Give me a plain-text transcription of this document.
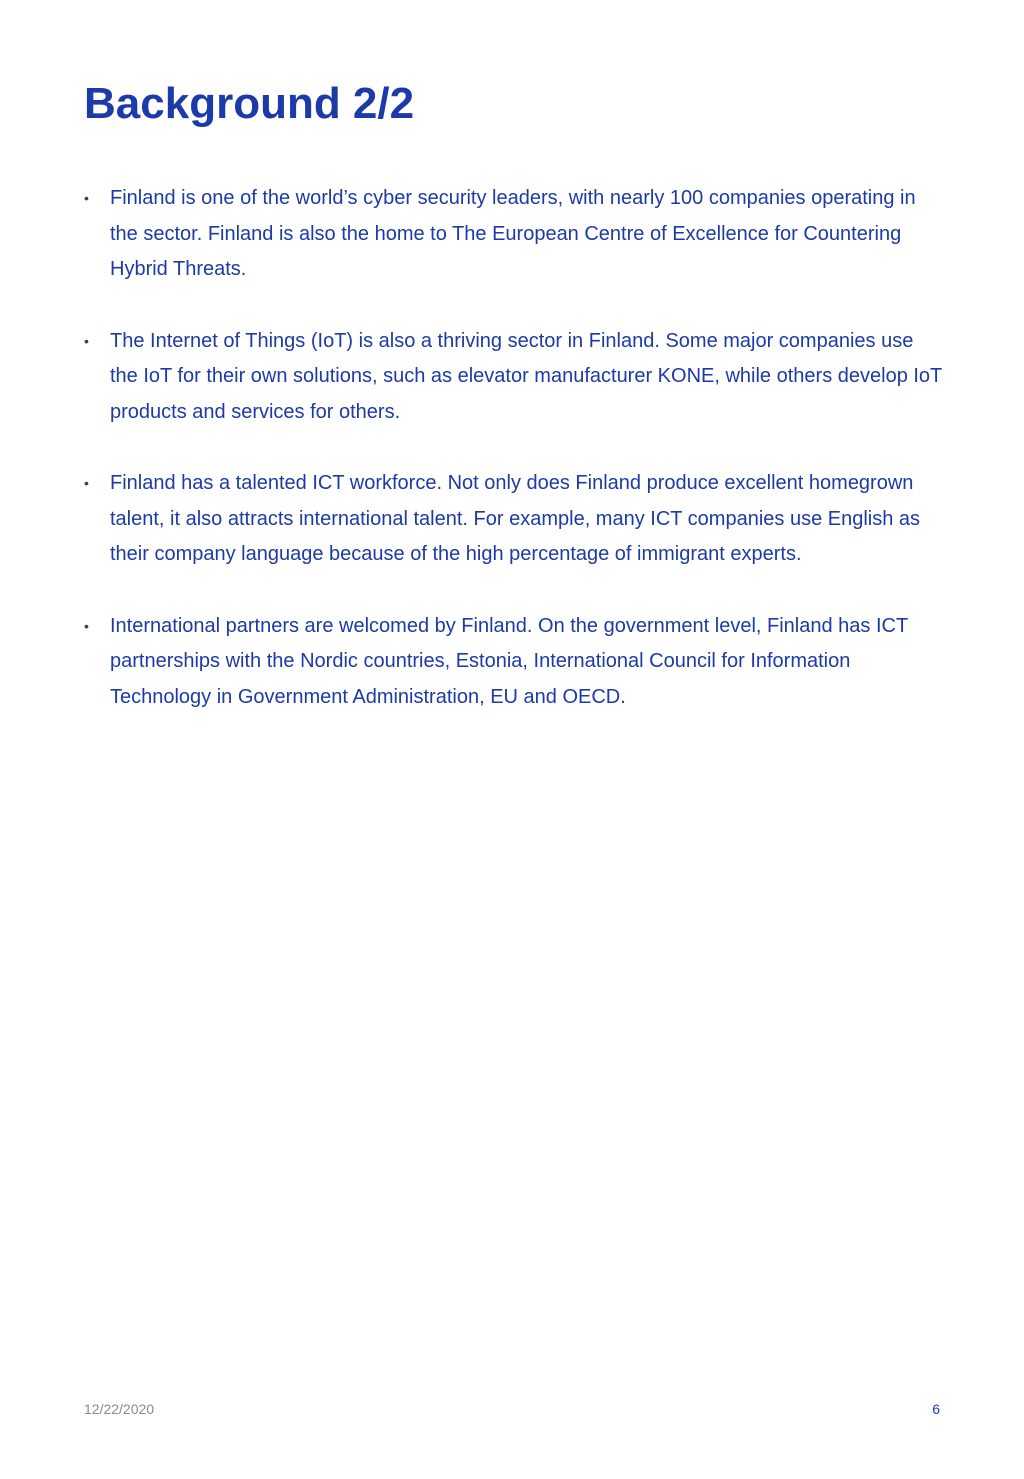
Background 2/2
• Finland is one of the world’s cyber security leaders, with nearly 100 companies operating in the sector. Finland is also the home to The European Centre of Excellence for Countering Hybrid Threats.
• The Internet of Things (IoT) is also a thriving sector in Finland. Some major companies use the IoT for their own solutions, such as elevator manufacturer KONE, while others develop IoT products and services for others.
• Finland has a talented ICT workforce. Not only does Finland produce excellent homegrown talent, it also attracts international talent. For example, many ICT companies use English as their company language because of the high percentage of immigrant experts.
• International partners are welcomed by Finland. On the government level, Finland has ICT partnerships with the Nordic countries, Estonia, International Council for Information Technology in Government Administration, EU and OECD.
12/22/2020	6
